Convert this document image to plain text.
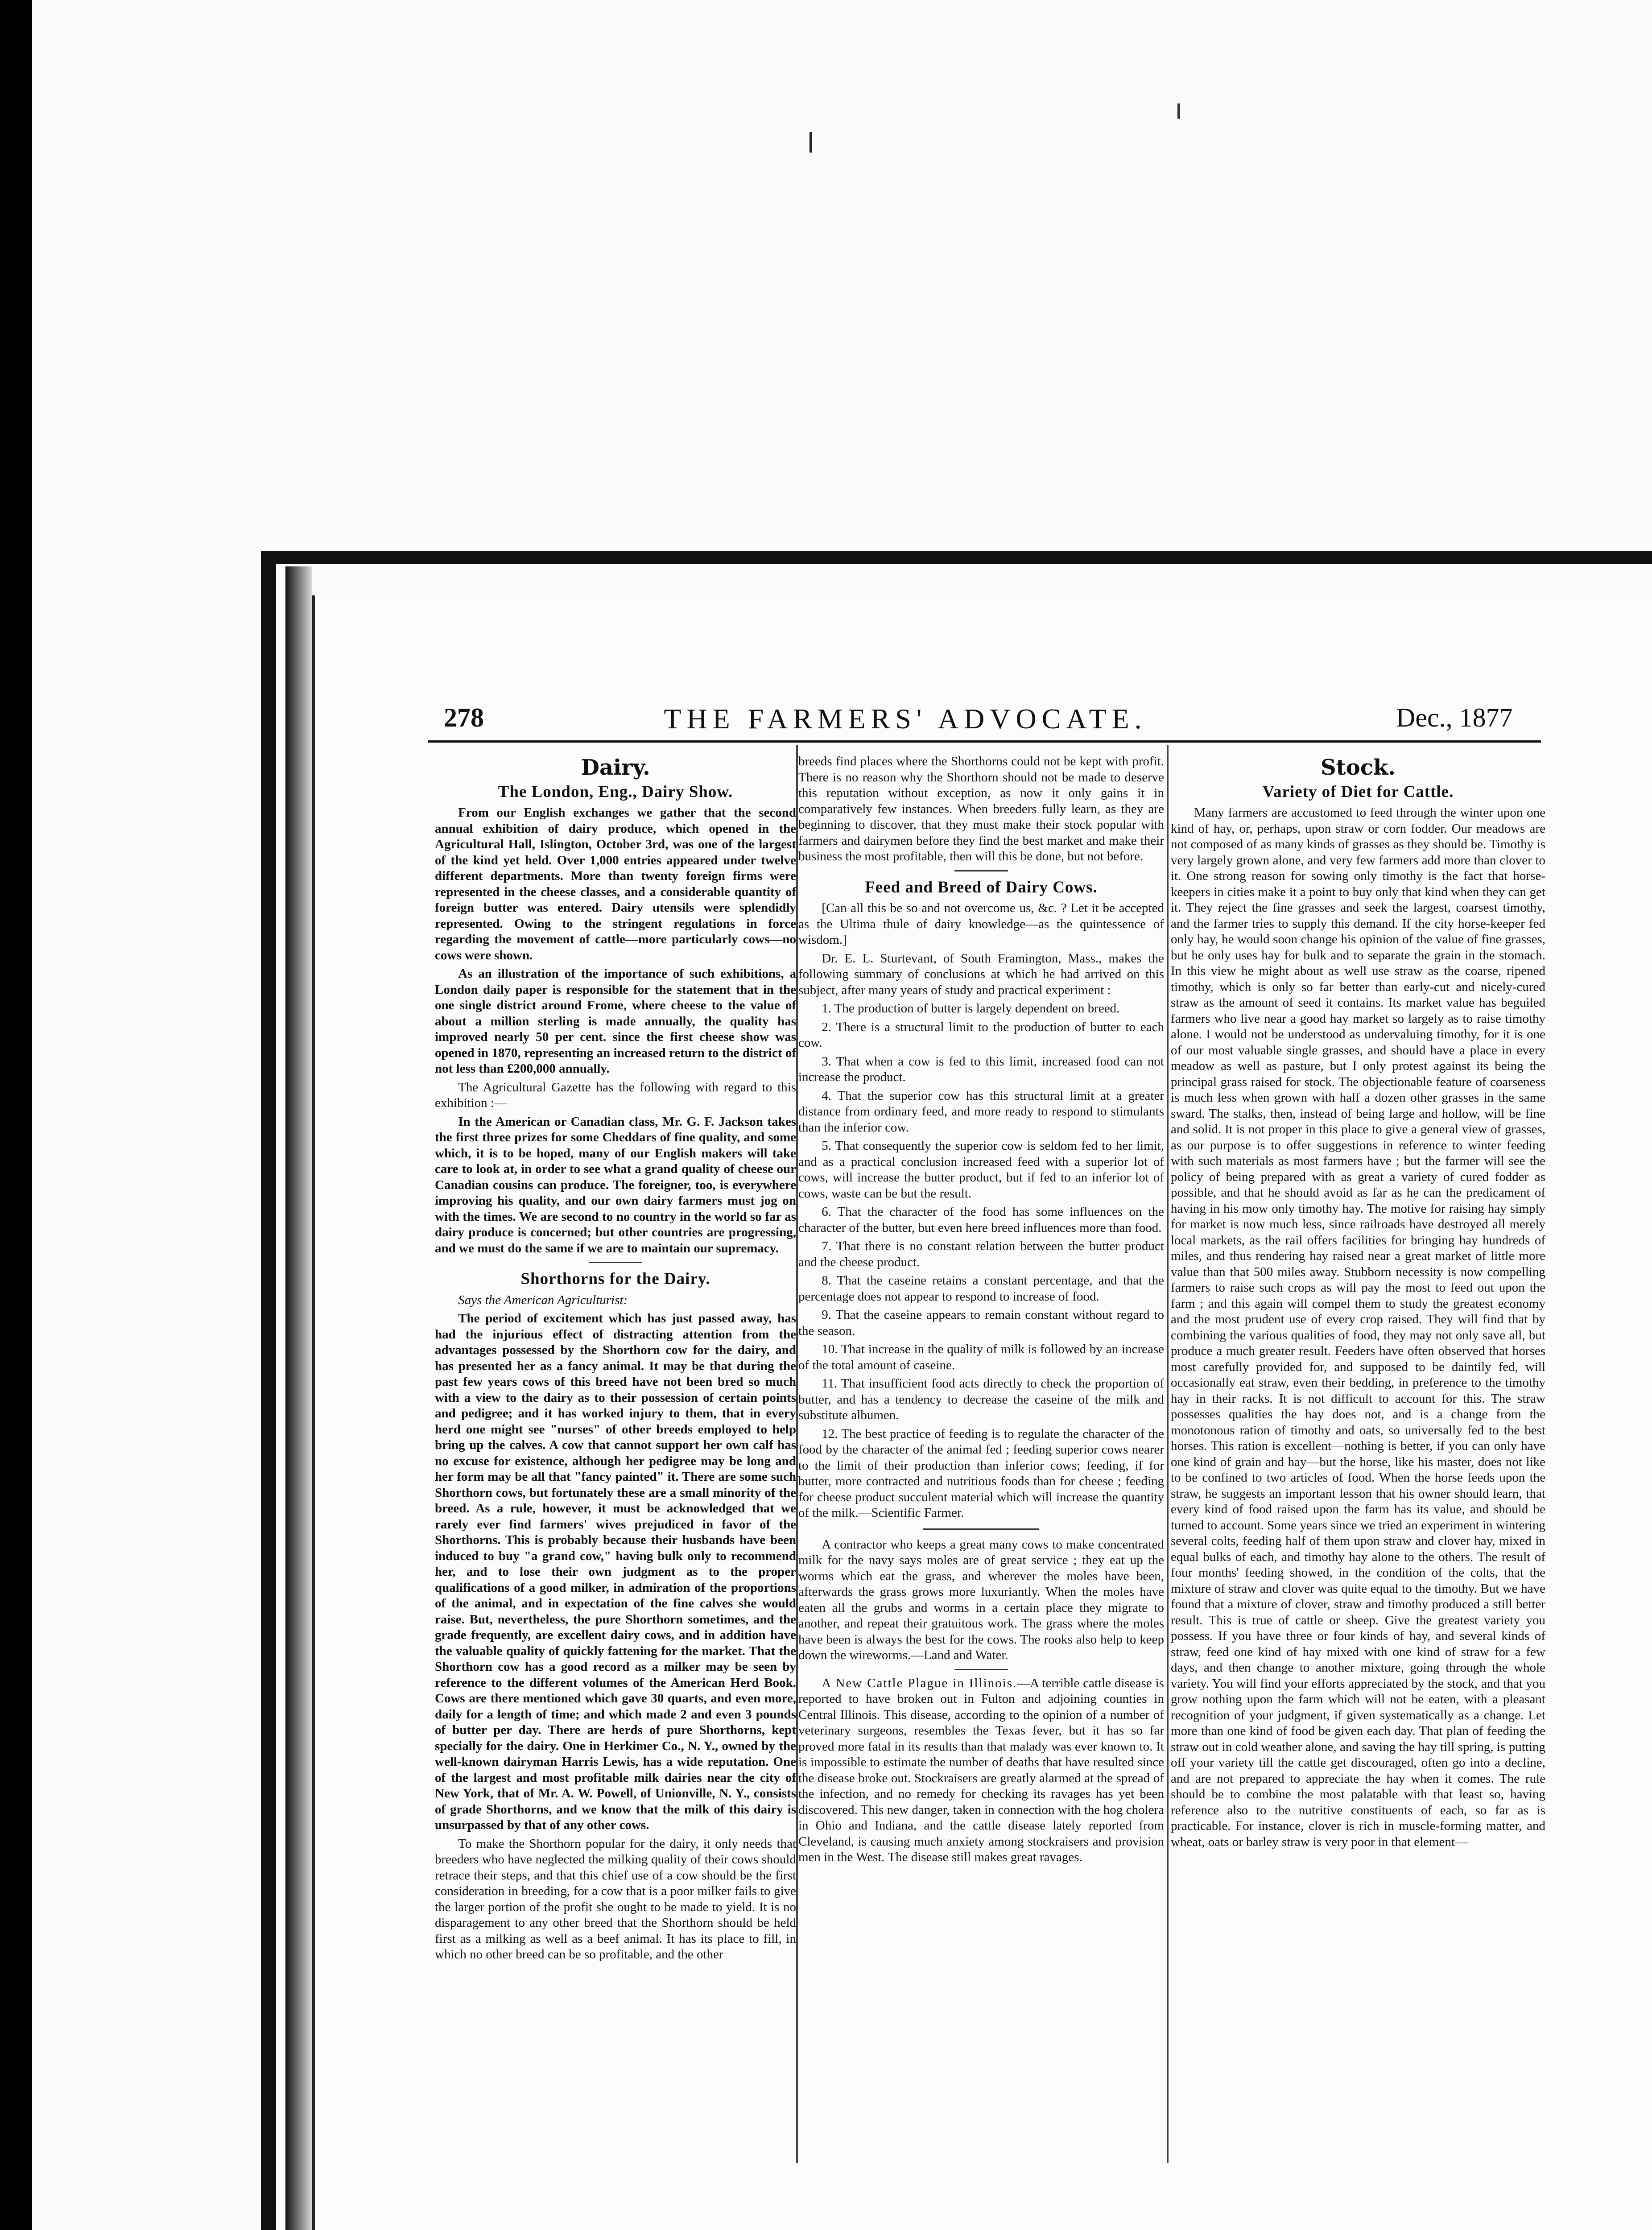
278	THE FARMERS' ADVOCATE.	Dec., 1877
Dairy.
The London, Eng., Dairy Show.

From our English exchanges we gather that the second annual exhibition of dairy produce, which opened in the Agricultural Hall, Islington, October 3rd, was one of the largest of the kind yet held. Over 1,000 entries appeared under twelve different departments. More than twenty foreign firms were represented in the cheese classes, and a considerable quantity of foreign butter was entered. Dairy utensils were splendidly represented. Owing to the stringent regulations in force regarding the movement of cattle—more particularly cows—no cows were shown.

As an illustration of the importance of such exhibitions, a London daily paper is responsible for the statement that in the one single district around Frome, where cheese to the value of about a million sterling is made annually, the quality has improved nearly 50 per cent. since the first cheese show was opened in 1870, representing an increased return to the district of not less than £200,000 annually.

The Agricultural Gazette has the following with regard to this exhibition :—

In the American or Canadian class, Mr. G. F. Jackson takes the first three prizes for some Cheddars of fine quality, and some which, it is to be hoped, many of our English makers will take care to look at, in order to see what a grand quality of cheese our Canadian cousins can produce. The foreigner, too, is everywhere improving his quality, and our own dairy farmers must jog on with the times. We are second to no country in the world so far as dairy produce is concerned; but other countries are progressing, and we must do the same if we are to maintain our supremacy.

Shorthorns for the Dairy.

Says the American Agriculturist:

The period of excitement which has just passed away, has had the injurious effect of distracting attention from the advantages possessed by the Shorthorn cow for the dairy, and has presented her as a fancy animal. It may be that during the past few years cows of this breed have not been bred so much with a view to the dairy as to their possession of certain points and pedigree; and it has worked injury to them, that in every herd one might see "nurses" of other breeds employed to help bring up the calves. A cow that cannot support her own calf has no excuse for existence, although her pedigree may be long and her form may be all that "fancy painted" it. There are some such Shorthorn cows, but fortunately these are a small minority of the breed. As a rule, however, it must be acknowledged that we rarely ever find farmers' wives prejudiced in favor of the Shorthorns. This is probably because their husbands have been induced to buy "a grand cow," having bulk only to recommend her, and to lose their own judgment as to the proper qualifications of a good milker, in admiration of the proportions of the animal, and in expectation of the fine calves she would raise. But, nevertheless, the pure Shorthorn sometimes, and the grade frequently, are excellent dairy cows, and in addition have the valuable quality of quickly fattening for the market. That the Shorthorn cow has a good record as a milker may be seen by reference to the different volumes of the American Herd Book. Cows are there mentioned which gave 30 quarts, and even more, daily for a length of time; and which made 2 and even 3 pounds of butter per day. There are herds of pure Shorthorns, kept specially for the dairy. One in Herkimer Co., N. Y., owned by the well-known dairyman Harris Lewis, has a wide reputation. One of the largest and most profitable milk dairies near the city of New York, that of Mr. A. W. Powell, of Unionville, N. Y., consists of grade Shorthorns, and we know that the milk of this dairy is unsurpassed by that of any other cows.

To make the Shorthorn popular for the dairy, it only needs that breeders who have neglected the milking quality of their cows should retrace their steps, and that this chief use of a cow should be the first consideration in breeding, for a cow that is a poor milker fails to give the larger portion of the profit she ought to be made to yield. It is no disparagement to any other breed that the Shorthorn should be held first as a milking as well as a beef animal. It has its place to fill, in which no other breed can be so profitable, and the other

breeds find places where the Shorthorns could not be kept with profit. There is no reason why the Shorthorn should not be made to deserve this reputation without exception, as now it only gains it in comparatively few instances. When breeders fully learn, as they are beginning to discover, that they must make their stock popular with farmers and dairymen before they find the best market and make their business the most profitable, then will this be done, but not before.

Feed and Breed of Dairy Cows.

[Can all this be so and not overcome us, &c. ? Let it be accepted as the Ultima thule of dairy knowledge—as the quintessence of wisdom.]

Dr. E. L. Sturtevant, of South Framington, Mass., makes the following summary of conclusions at which he had arrived on this subject, after many years of study and practical experiment :

1. The production of butter is largely dependent on breed.

2. There is a structural limit to the production of butter to each cow.

3. That when a cow is fed to this limit, increased food can not increase the product.

4. That the superior cow has this structural limit at a greater distance from ordinary feed, and more ready to respond to stimulants than the inferior cow.

5. That consequently the superior cow is seldom fed to her limit, and as a practical conclusion increased feed with a superior lot of cows, will increase the butter product, but if fed to an inferior lot of cows, waste can be but the result.

6. That the character of the food has some influences on the character of the butter, but even here breed influences more than food.

7. That there is no constant relation between the butter product and the cheese product.

8. That the caseine retains a constant percentage, and that the percentage does not appear to respond to increase of food.

9. That the caseine appears to remain constant without regard to the season.

10. That increase in the quality of milk is followed by an increase of the total amount of caseine.

11. That insufficient food acts directly to check the proportion of butter, and has a tendency to decrease the caseine of the milk and substitute albumen.

12. The best practice of feeding is to regulate the character of the food by the character of the animal fed ; feeding superior cows nearer to the limit of their production than inferior cows; feeding, if for butter, more contracted and nutritious foods than for cheese ; feeding for cheese product succulent material which will increase the quantity of the milk.—Scientific Farmer.

A contractor who keeps a great many cows to make concentrated milk for the navy says moles are of great service ; they eat up the worms which eat the grass, and wherever the moles have been, afterwards the grass grows more luxuriantly. When the moles have eaten all the grubs and worms in a certain place they migrate to another, and repeat their gratuitous work. The grass where the moles have been is always the best for the cows. The rooks also help to keep down the wireworms.—Land and Water.

A New Cattle Plague in Illinois.—A terrible cattle disease is reported to have broken out in Fulton and adjoining counties in Central Illinois. This disease, according to the opinion of a number of veterinary surgeons, resembles the Texas fever, but it has so far proved more fatal in its results than that malady was ever known to. It is impossible to estimate the number of deaths that have resulted since the disease broke out. Stockraisers are greatly alarmed at the spread of the infection, and no remedy for checking its ravages has yet been discovered. This new danger, taken in connection with the hog cholera in Ohio and Indiana, and the cattle disease lately reported from Cleveland, is causing much anxiety among stockraisers and provision men in the West. The disease still makes great ravages.

Stock.
Variety of Diet for Cattle.

Many farmers are accustomed to feed through the winter upon one kind of hay, or, perhaps, upon straw or corn fodder. Our meadows are not composed of as many kinds of grasses as they should be. Timothy is very largely grown alone, and very few farmers add more than clover to it. One strong reason for sowing only timothy is the fact that horse-keepers in cities make it a point to buy only that kind when they can get it. They reject the fine grasses and seek the largest, coarsest timothy, and the farmer tries to supply this demand. If the city horse-keeper fed only hay, he would soon change his opinion of the value of fine grasses, but he only uses hay for bulk and to separate the grain in the stomach. In this view he might about as well use straw as the coarse, ripened timothy, which is only so far better than early-cut and nicely-cured straw as the amount of seed it contains. Its market value has beguiled farmers who live near a good hay market so largely as to raise timothy alone. I would not be understood as undervaluing timothy, for it is one of our most valuable single grasses, and should have a place in every meadow as well as pasture, but I only protest against its being the principal grass raised for stock. The objectionable feature of coarseness is much less when grown with half a dozen other grasses in the same sward. The stalks, then, instead of being large and hollow, will be fine and solid. It is not proper in this place to give a general view of grasses, as our purpose is to offer suggestions in reference to winter feeding with such materials as most farmers have ; but the farmer will see the policy of being prepared with as great a variety of cured fodder as possible, and that he should avoid as far as he can the predicament of having in his mow only timothy hay. The motive for raising hay simply for market is now much less, since railroads have destroyed all merely local markets, as the rail offers facilities for bringing hay hundreds of miles, and thus rendering hay raised near a great market of little more value than that 500 miles away. Stubborn necessity is now compelling farmers to raise such crops as will pay the most to feed out upon the farm ; and this again will compel them to study the greatest economy and the most prudent use of every crop raised. They will find that by combining the various qualities of food, they may not only save all, but produce a much greater result. Feeders have often observed that horses most carefully provided for, and supposed to be daintily fed, will occasionally eat straw, even their bedding, in preference to the timothy hay in their racks. It is not difficult to account for this. The straw possesses qualities the hay does not, and is a change from the monotonous ration of timothy and oats, so universally fed to the best horses. This ration is excellent—nothing is better, if you can only have one kind of grain and hay—but the horse, like his master, does not like to be confined to two articles of food. When the horse feeds upon the straw, he suggests an important lesson that his owner should learn, that every kind of food raised upon the farm has its value, and should be turned to account. Some years since we tried an experiment in wintering several colts, feeding half of them upon straw and clover hay, mixed in equal bulks of each, and timothy hay alone to the others. The result of four months' feeding showed, in the condition of the colts, that the mixture of straw and clover was quite equal to the timothy. But we have found that a mixture of clover, straw and timothy produced a still better result. This is true of cattle or sheep. Give the greatest variety you possess. If you have three or four kinds of hay, and several kinds of straw, feed one kind of hay mixed with one kind of straw for a few days, and then change to another mixture, going through the whole variety. You will find your efforts appreciated by the stock, and that you grow nothing upon the farm which will not be eaten, with a pleasant recognition of your judgment, if given systematically as a change. Let more than one kind of food be given each day. That plan of feeding the straw out in cold weather alone, and saving the hay till spring, is putting off your variety till the cattle get discouraged, often go into a decline, and are not prepared to appreciate the hay when it comes. The rule should be to combine the most palatable with that least so, having reference also to the nutritive constituents of each, so far as is practicable. For instance, clover is rich in muscle-forming matter, and wheat, oats or barley straw is very poor in that element—
